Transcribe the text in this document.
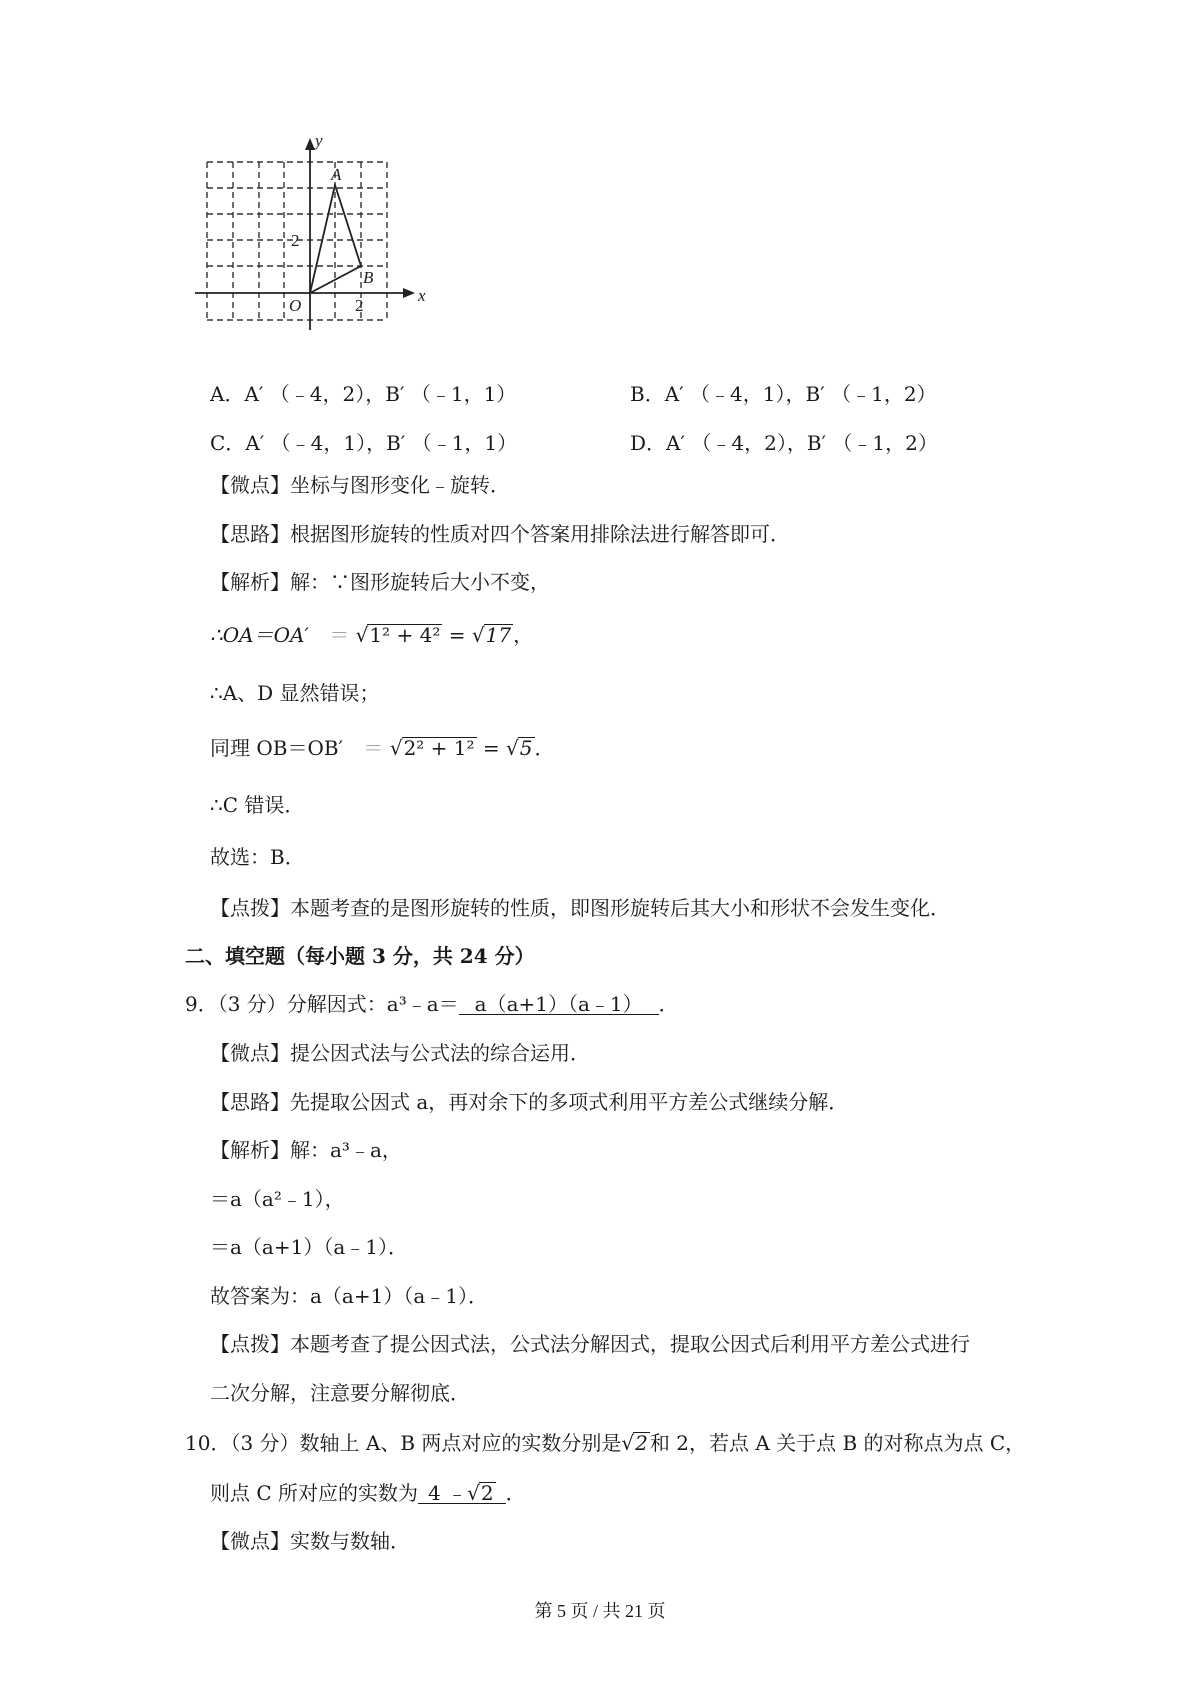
y
x
A
B
O
2
2
A．A′ （﹣4，2），B′ （﹣1，1）	B．A′ （﹣4，1），B′ （﹣1，2）
C．A′ （﹣4，1），B′ （﹣1，1）	D．A′ （﹣4，2），B′ （﹣1，2）
【微点】坐标与图形变化﹣旋转．
【思路】根据图形旋转的性质对四个答案用排除法进行解答即可．
【解析】解：∵图形旋转后大小不变，
∴OA＝OA′ ＝ √1² + 4² = √17 ，
∴A、D 显然错误；
同理 OB＝OB′ ＝ √2² + 1² = √5 ．
∴C 错误．
故选：B．
【点拨】本题考查的是图形旋转的性质，即图形旋转后其大小和形状不会发生变化．
二、填空题（每小题 3 分，共 24 分）
9．（3 分）分解因式：a³﹣a＝ a（a+1）（a﹣1） ．
【微点】提公因式法与公式法的综合运用．
【思路】先提取公因式 a，再对余下的多项式利用平方差公式继续分解．
【解析】解：a³﹣a，
＝a（a²﹣1），
＝a（a+1）（a﹣1）．
故答案为：a（a+1）（a﹣1）．
【点拨】本题考查了提公因式法，公式法分解因式，提取公因式后利用平方差公式进行
二次分解，注意要分解彻底．
10．（3 分）数轴上 A、B 两点对应的实数分别是√2 和 2，若点 A 关于点 B 的对称点为点 C，
则点 C 所对应的实数为 4 ﹣√2 ．
【微点】实数与数轴．
第 5 页 / 共 21 页
